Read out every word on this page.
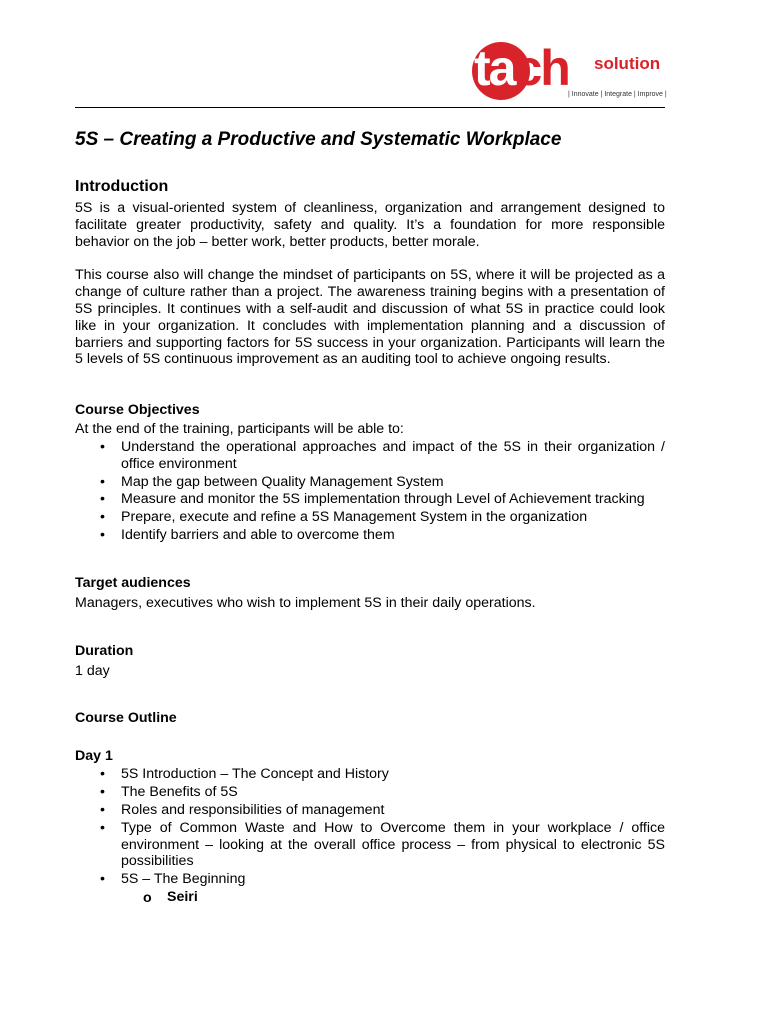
tach solution
| Innovate | Integrate | Improve |
5S – Creating a Productive and Systematic Workplace
Introduction

5S is a visual-oriented system of cleanliness, organization and arrangement designed to facilitate greater productivity, safety and quality. It’s a foundation for more responsible behavior on the job – better work, better products, better morale.

This course also will change the mindset of participants on 5S, where it will be projected as a change of culture rather than a project. The awareness training begins with a presentation of 5S principles. It continues with a self-audit and discussion of what 5S in practice could look like in your organization. It concludes with implementation planning and a discussion of barriers and supporting factors for 5S success in your organization. Participants will learn the 5 levels of 5S continuous improvement as an auditing tool to achieve ongoing results.

Course Objectives

At the end of the training, participants will be able to:

• Understand the operational approaches and impact of the 5S in their organization / office environment
• Map the gap between Quality Management System
• Measure and monitor the 5S implementation through Level of Achievement tracking
• Prepare, execute and refine a 5S Management System in the organization
• Identify barriers and able to overcome them
Target audiences

Managers, executives who wish to implement 5S in their daily operations.

Duration

1 day

Course Outline
Day 1
• 5S Introduction – The Concept and History
• The Benefits of 5S
• Roles and responsibilities of management
• Type of Common Waste and How to Overcome them in your workplace / office environment – looking at the overall office process – from physical to electronic 5S possibilities
• 5S – The Beginning
o Seiri
